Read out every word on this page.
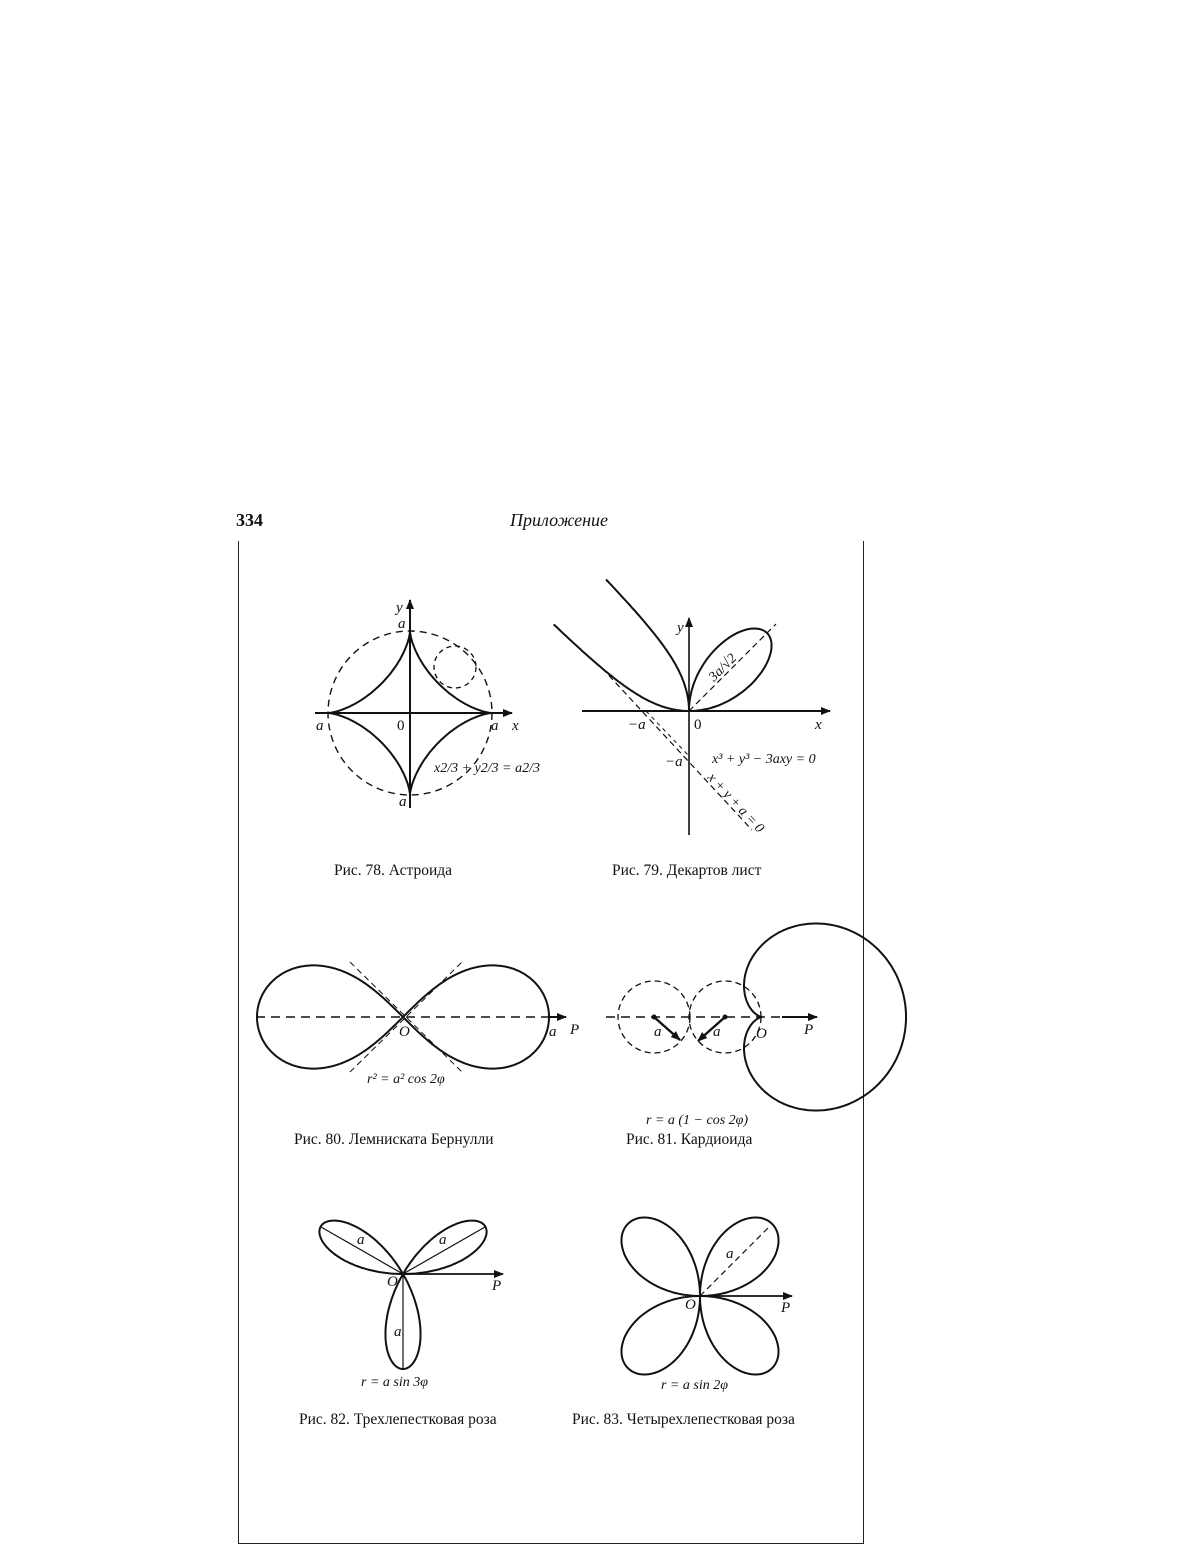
334	Приложение
y
a
a	0	a x
a
x2/3 + y2/3 = a2/3
Рис. 78. Астроида
y
x
0
−a
−a x³ + y³ − 3axy = 0
3a/√2
x + y + a = 0
Рис. 79. Декартов лист
O	a P
r² = a² cos 2φ
Рис. 80. Лемниската Бернулли
a	a O P
r = a (1 − cos 2φ)
Рис. 81. Кардиоида
a	a
a
O	P
r = a sin 3φ
Рис. 82. Трехлепестковая роза
a
O	P
r = a sin 2φ
Рис. 83. Четырехлепестковая роза
